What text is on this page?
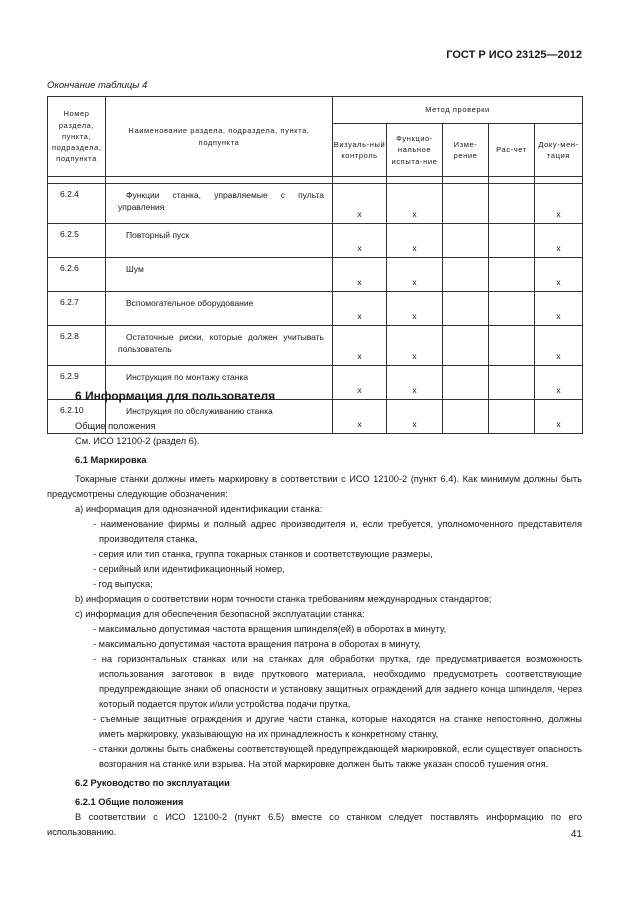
ГОСТ Р ИСО 23125—2012
Окончание таблицы 4
Номер раздела, пункта, подраздела, подпункта	Наименование раздела, подраздела, пункта, подпункта	Метод проверки				
		Визуаль-ный контроль	Функцио-нальное испыта-ние	Изме-рение	Рас-чет	Доку-мен-тация

6.2.4	Функции станка, управляемые с пульта управления	x	x			x
6.2.5	Повторный пуск	x	x			x
6.2.6	Шум	x	x			x
6.2.7	Вспомогательное оборудование	x	x			x
6.2.8	Остаточные риски, которые должен учитывать пользователь	x	x			x
6.2.9	Инструкция по монтажу станка	x	x			x
6.2.10	Инструкция по обслуживанию станка	x	x			x
6 Информация для пользователя

Общие положения

См. ИСО 12100-2 (раздел 6).

6.1 Маркировка

Токарные станки должны иметь маркировку в соответствии с ИСО 12100-2 (пункт 6.4). Как минимум должны быть предусмотрены следующие обозначения:

а) информация для однозначной идентификации станка:

- наименование фирмы и полный адрес производителя и, если требуется, уполномоченного представителя производителя станка,

- серия или тип станка, группа токарных станков и соответствующие размеры,

- серийный или идентификационный номер,

- год выпуска;

b) информация о соответствии норм точности станка требованиям международных стандартов;

с) информация для обеспечения безопасной эксплуатации станка:

- максимально допустимая частота вращения шпинделя(ей) в оборотах в минуту,

- максимально допустимая частота вращения патрона в оборотах в минуту,

- на горизонтальных станках или на станках для обработки прутка, где предусматривается возможность использования заготовок в виде пруткового материала, необходимо предусмотреть соответствующие предупреждающие знаки об опасности и установку защитных ограждений для заднего конца шпинделя, через который подается пруток и/или устройства подачи прутка,

- съемные защитные ограждения и другие части станка, которые находятся на станке непостоянно, должны иметь маркировку, указывающую на их принадлежность к конкретному станку,

- станки должны быть снабжены соответствующей предупреждающей маркировкой, если существует опасность возгорания на станке или взрыва. На этой маркировке должен быть также указан способ тушения огня.

6.2 Руководство по эксплуатации

6.2.1 Общие положения

В соответствии с ИСО 12100-2 (пункт 6.5) вместе со станком следует поставлять информацию по его использованию.	41
